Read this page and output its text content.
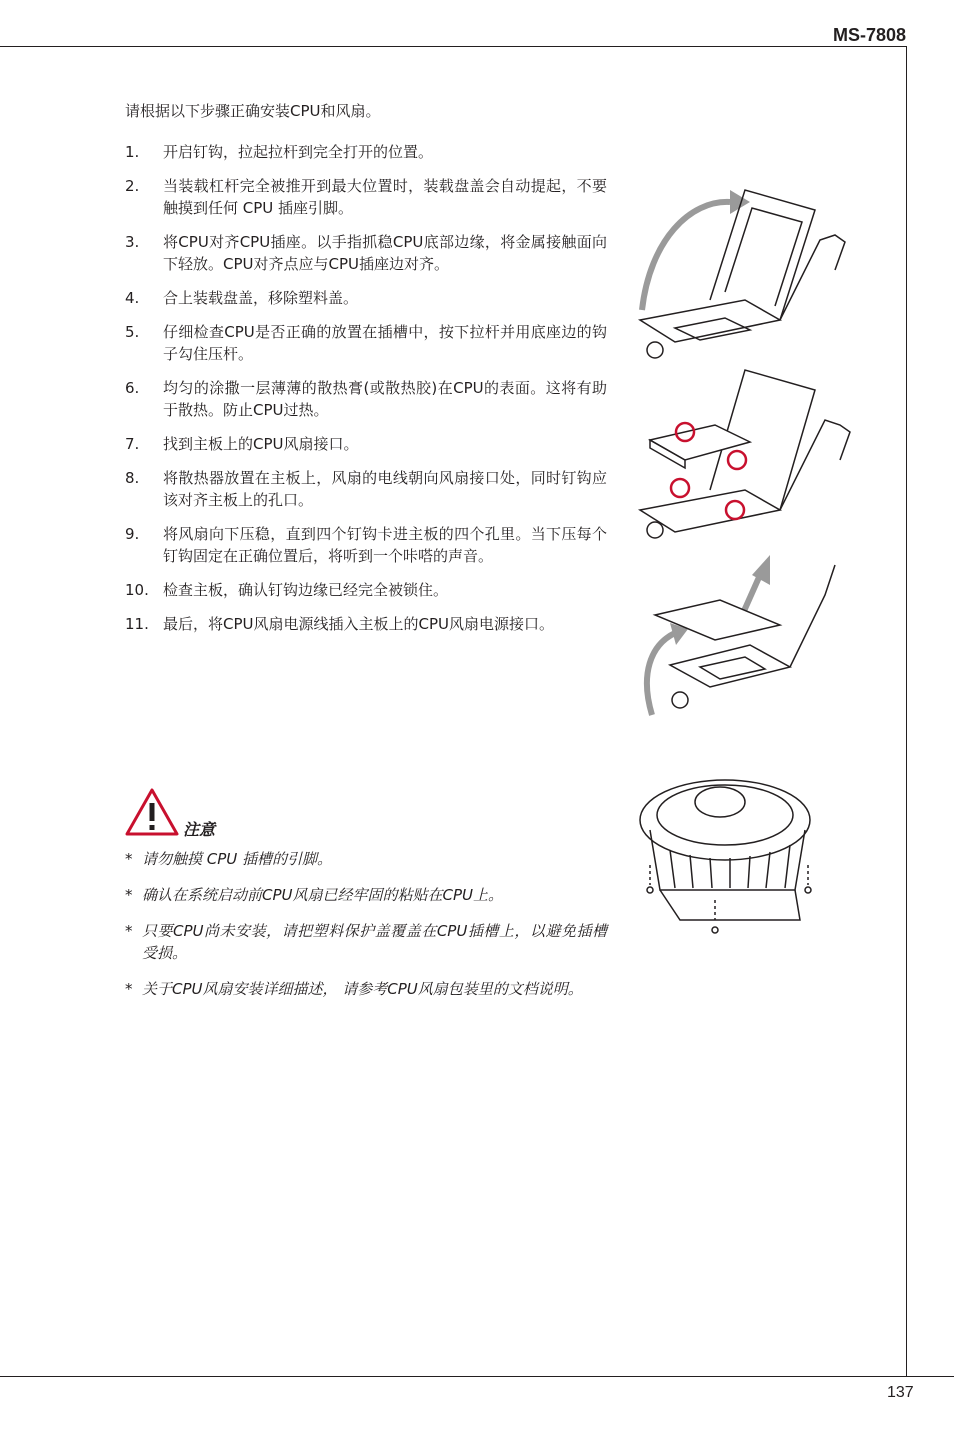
MS-7808
请根据以下步骤正确安装CPU和风扇。
1. 开启钉钩，拉起拉杆到完全打开的位置。
2. 当装载杠杆完全被推开到最大位置时，装载盘盖会自动提起，不要触摸到任何 CPU 插座引脚。
3. 将CPU对齐CPU插座。以手指抓稳CPU底部边缘，将金属接触面向下轻放。CPU对齐点应与CPU插座边对齐。
4. 合上装载盘盖，移除塑料盖。
5. 仔细检查CPU是否正确的放置在插槽中，按下拉杆并用底座边的钩子勾住压杆。
6. 均匀的涂撒一层薄薄的散热膏(或散热胶)在CPU的表面。这将有助于散热。防止CPU过热。
7. 找到主板上的CPU风扇接口。
8. 将散热器放置在主板上，风扇的电线朝向风扇接口处，同时钉钩应该对齐主板上的孔口。
9. 将风扇向下压稳，直到四个钉钩卡进主板的四个孔里。当下压每个钉钩固定在正确位置后，将听到一个咔嗒的声音。
10. 检查主板，确认钉钩边缘已经完全被锁住。
11. 最后，将CPU风扇电源线插入主板上的CPU风扇电源接口。
注意
* 请勿触摸 CPU 插槽的引脚。
* 确认在系统启动前CPU风扇已经牢固的粘贴在CPU上。
* 只要CPU尚未安装，请把塑料保护盖覆盖在CPU插槽上，以避免插槽受损。
* 关于CPU风扇安装详细描述， 请参考CPU风扇包装里的文档说明。
137
